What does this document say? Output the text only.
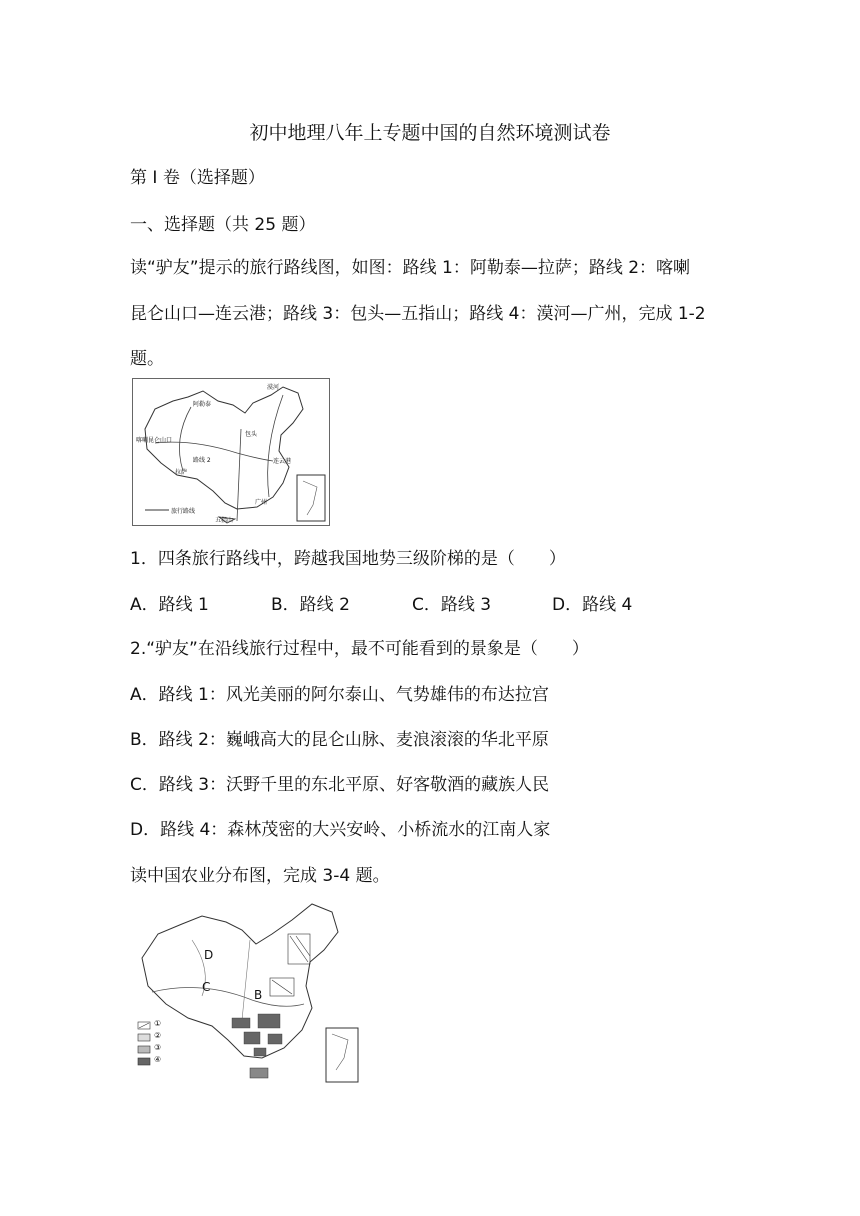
初中地理八年上专题中国的自然环境测试卷
第 I 卷（选择题）
一、选择题（共 25 题）
读“驴友”提示的旅行路线图，如图：路线 1：阿勒泰—拉萨；路线 2：喀喇
昆仑山口—连云港；路线 3：包头—五指山；路线 4：漠河—广州，完成 1-2
题。
漠河
阿勒泰
喀喇昆仑山口
包头
路线 2	连云港
拉萨
广州
五指山
旅行路线
1．四条旅行路线中，跨越我国地势三级阶梯的是（　　）
A．路线 1	B．路线 2	C．路线 3	D．路线 4
2.“驴友”在沿线旅行过程中，最不可能看到的景象是（　　）
A．路线 1：风光美丽的阿尔泰山、气势雄伟的布达拉宫
B．路线 2：巍峨高大的昆仑山脉、麦浪滚滚的华北平原
C．路线 3：沃野千里的东北平原、好客敬酒的藏族人民
D．路线 4：森林茂密的大兴安岭、小桥流水的江南人家
读中国农业分布图，完成 3-4 题。
D
C
B
①
②
③
④
